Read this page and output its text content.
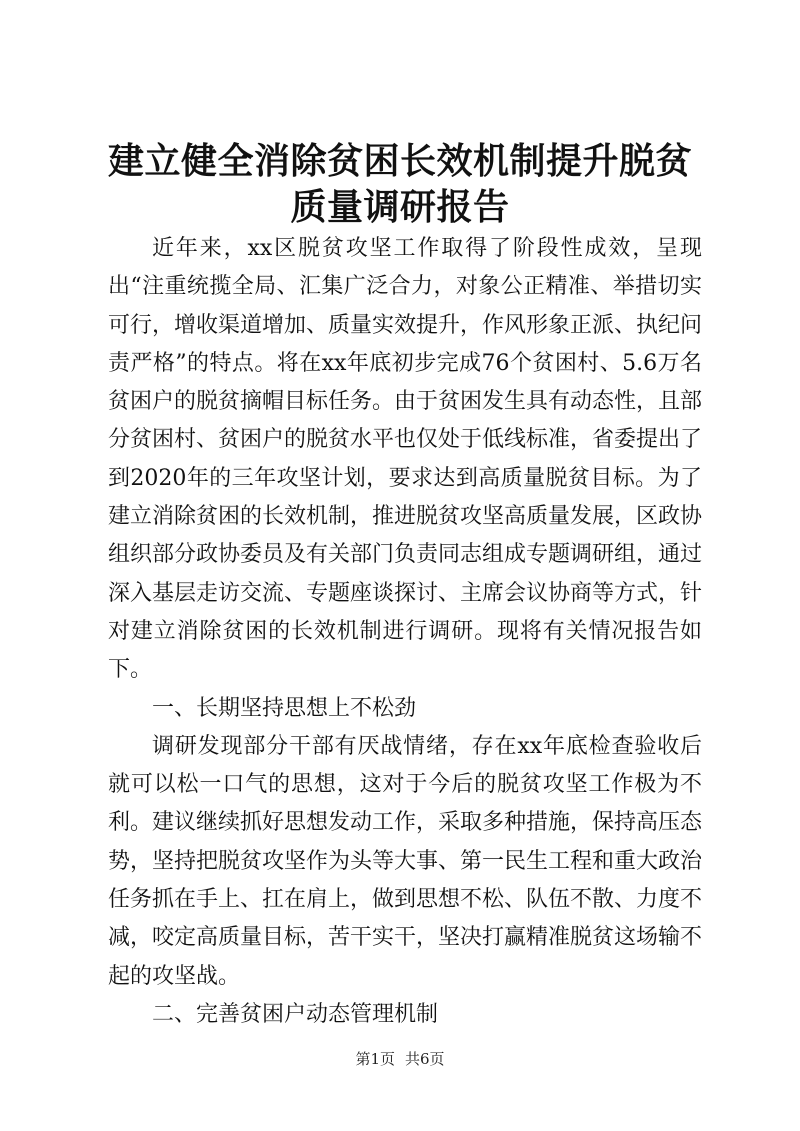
建立健全消除贫困长效机制提升脱贫质量调研报告

近年来，xx区脱贫攻坚工作取得了阶段性成效，呈现出“注重统揽全局、汇集广泛合力，对象公正精准、举措切实可行，增收渠道增加、质量实效提升，作风形象正派、执纪问责严格”的特点。将在xx年底初步完成76个贫困村、5.6万名贫困户的脱贫摘帽目标任务。由于贫困发生具有动态性，且部分贫困村、贫困户的脱贫水平也仅处于低线标准，省委提出了到2020年的三年攻坚计划，要求达到高质量脱贫目标。为了建立消除贫困的长效机制，推进脱贫攻坚高质量发展，区政协组织部分政协委员及有关部门负责同志组成专题调研组，通过深入基层走访交流、专题座谈探讨、主席会议协商等方式，针对建立消除贫困的长效机制进行调研。现将有关情况报告如下。

一、长期坚持思想上不松劲

调研发现部分干部有厌战情绪，存在xx年底检查验收后就可以松一口气的思想，这对于今后的脱贫攻坚工作极为不利。建议继续抓好思想发动工作，采取多种措施，保持高压态势，坚持把脱贫攻坚作为头等大事、第一民生工程和重大政治任务抓在手上、扛在肩上，做到思想不松、队伍不散、力度不减，咬定高质量目标，苦干实干，坚决打赢精准脱贫这场输不起的攻坚战。

二、完善贫困户动态管理机制

第1页 共6页
